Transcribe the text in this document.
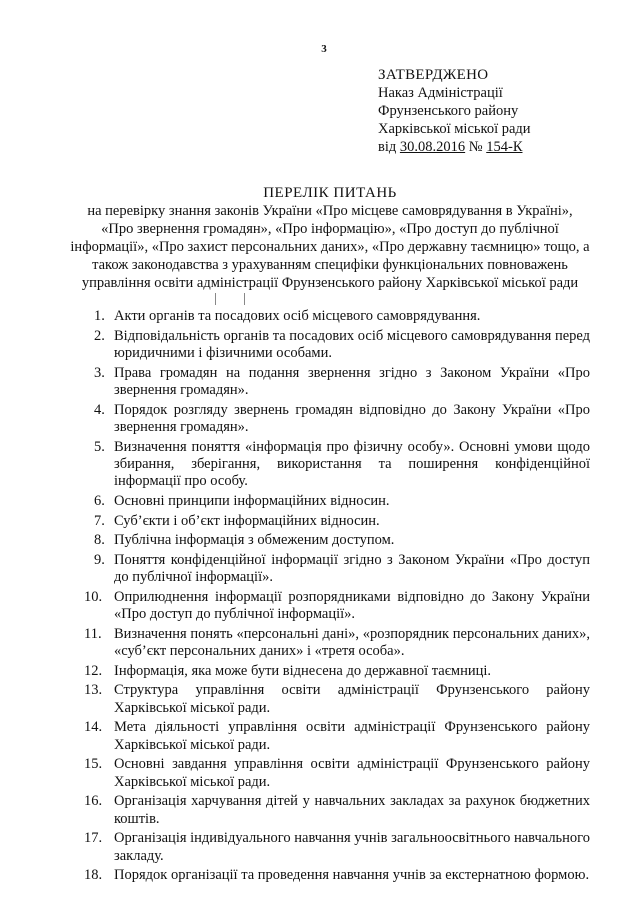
3
ЗАТВЕРДЖЕНО
Наказ Адміністрації
Фрунзенського району
Харківської міської ради
від 30.08.2016 № 154-К
ПЕРЕЛІК ПИТАНЬ
на перевірку знання законів України «Про місцеве самоврядування в Україні»,
«Про звернення громадян», «Про інформацію», «Про доступ до публічної
інформації», «Про захист персональних даних», «Про державну таємницю» тощо, а
також законодавства з урахуванням специфіки функціональних повноважень
управління освіти адміністрації Фрунзенського району Харківської міської ради
1. Акти органів та посадових осіб місцевого самоврядування.
2. Відповідальність органів та посадових осіб місцевого самоврядування перед юридичними і фізичними особами.
3. Права громадян на подання звернення згідно з Законом України «Про звернення громадян».
4. Порядок розгляду звернень громадян відповідно до Закону України «Про звернення громадян».
5. Визначення поняття «інформація про фізичну особу». Основні умови щодо збирання, зберігання, використання та поширення конфіденційної інформації про особу.
6. Основні принципи інформаційних відносин.
7. Суб’єкти і об’єкт інформаційних відносин.
8. Публічна інформація з обмеженим доступом.
9. Поняття конфіденційної інформації згідно з Законом України «Про доступ до публічної інформації».
10. Оприлюднення інформації розпорядниками відповідно до Закону України «Про доступ до публічної інформації».
11. Визначення понять «персональні дані», «розпорядник персональних даних», «суб’єкт персональних даних» і «третя особа».
12. Інформація, яка може бути віднесена до державної таємниці.
13. Структура управління освіти адміністрації Фрунзенського району Харківської міської ради.
14. Мета діяльності управління освіти адміністрації Фрунзенського району Харківської міської ради.
15. Основні завдання управління освіти адміністрації Фрунзенського району Харківської міської ради.
16. Організація харчування дітей у навчальних закладах за рахунок бюджетних коштів.
17. Організація індивідуального навчання учнів загальноосвітнього навчального закладу.
18. Порядок організації та проведення навчання учнів за екстернатною формою.
